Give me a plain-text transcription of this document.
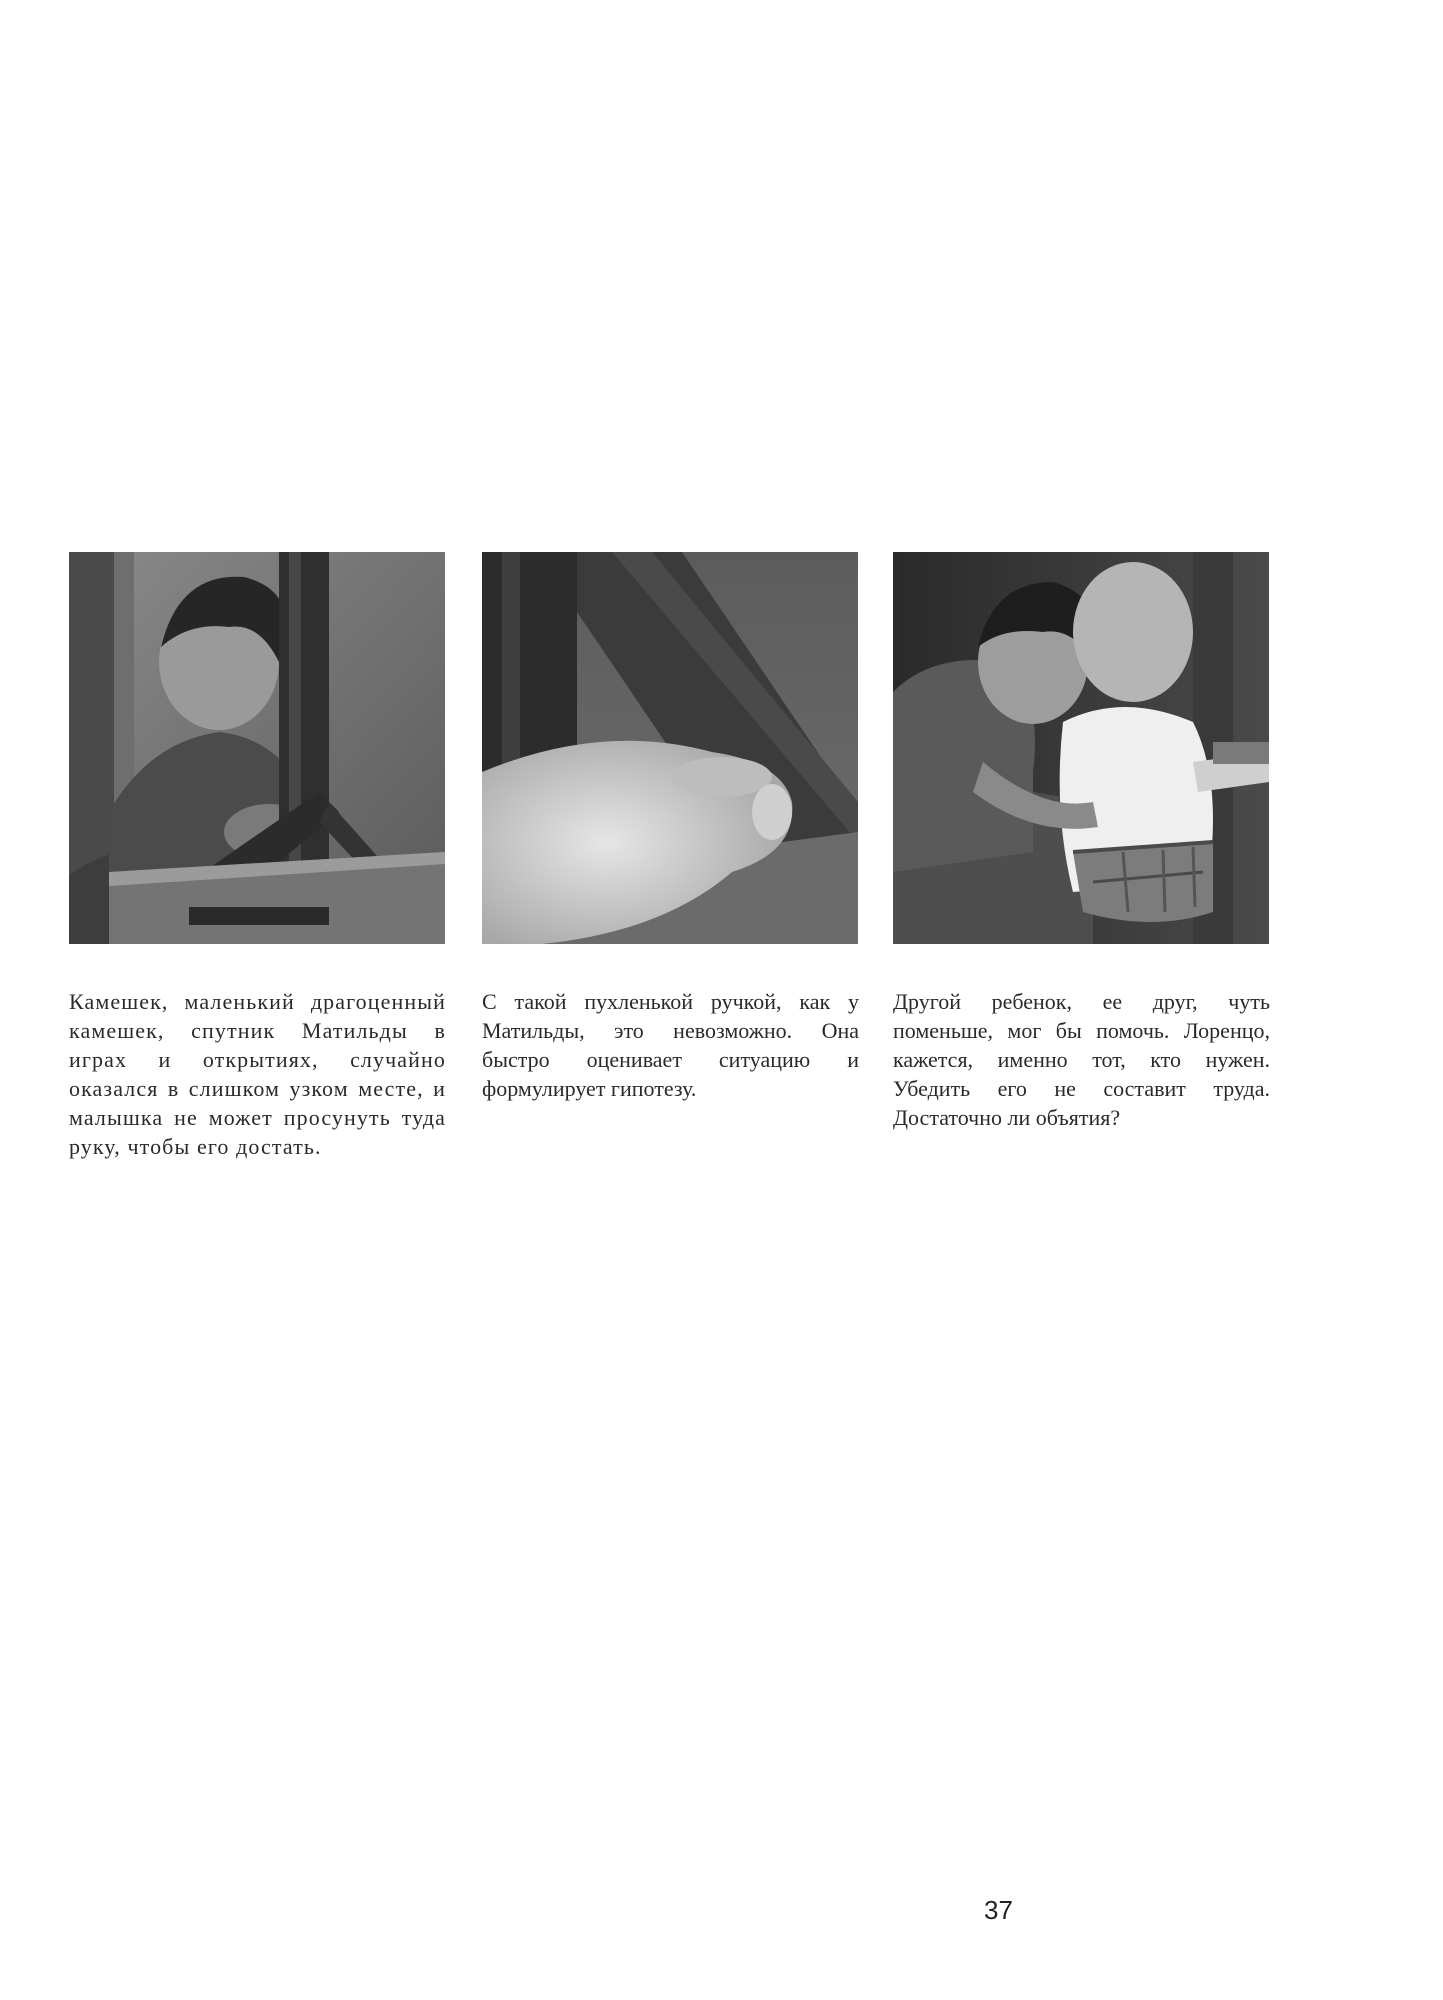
Камешек, маленький драгоценный камешек, спутник Матильды в играх и открытиях, случайно оказался в слишком узком месте, и малышка не может просунуть туда руку, чтобы его достать.

С такой пухленькой ручкой, как у Матильды, это невозможно. Она быстро оценивает ситуацию и формулирует гипотезу.

Другой ребенок, ее друг, чуть поменьше, мог бы помочь. Лоренцо, кажется, именно тот, кто нужен. Убедить его не составит труда. Достаточно ли объятия?

37
